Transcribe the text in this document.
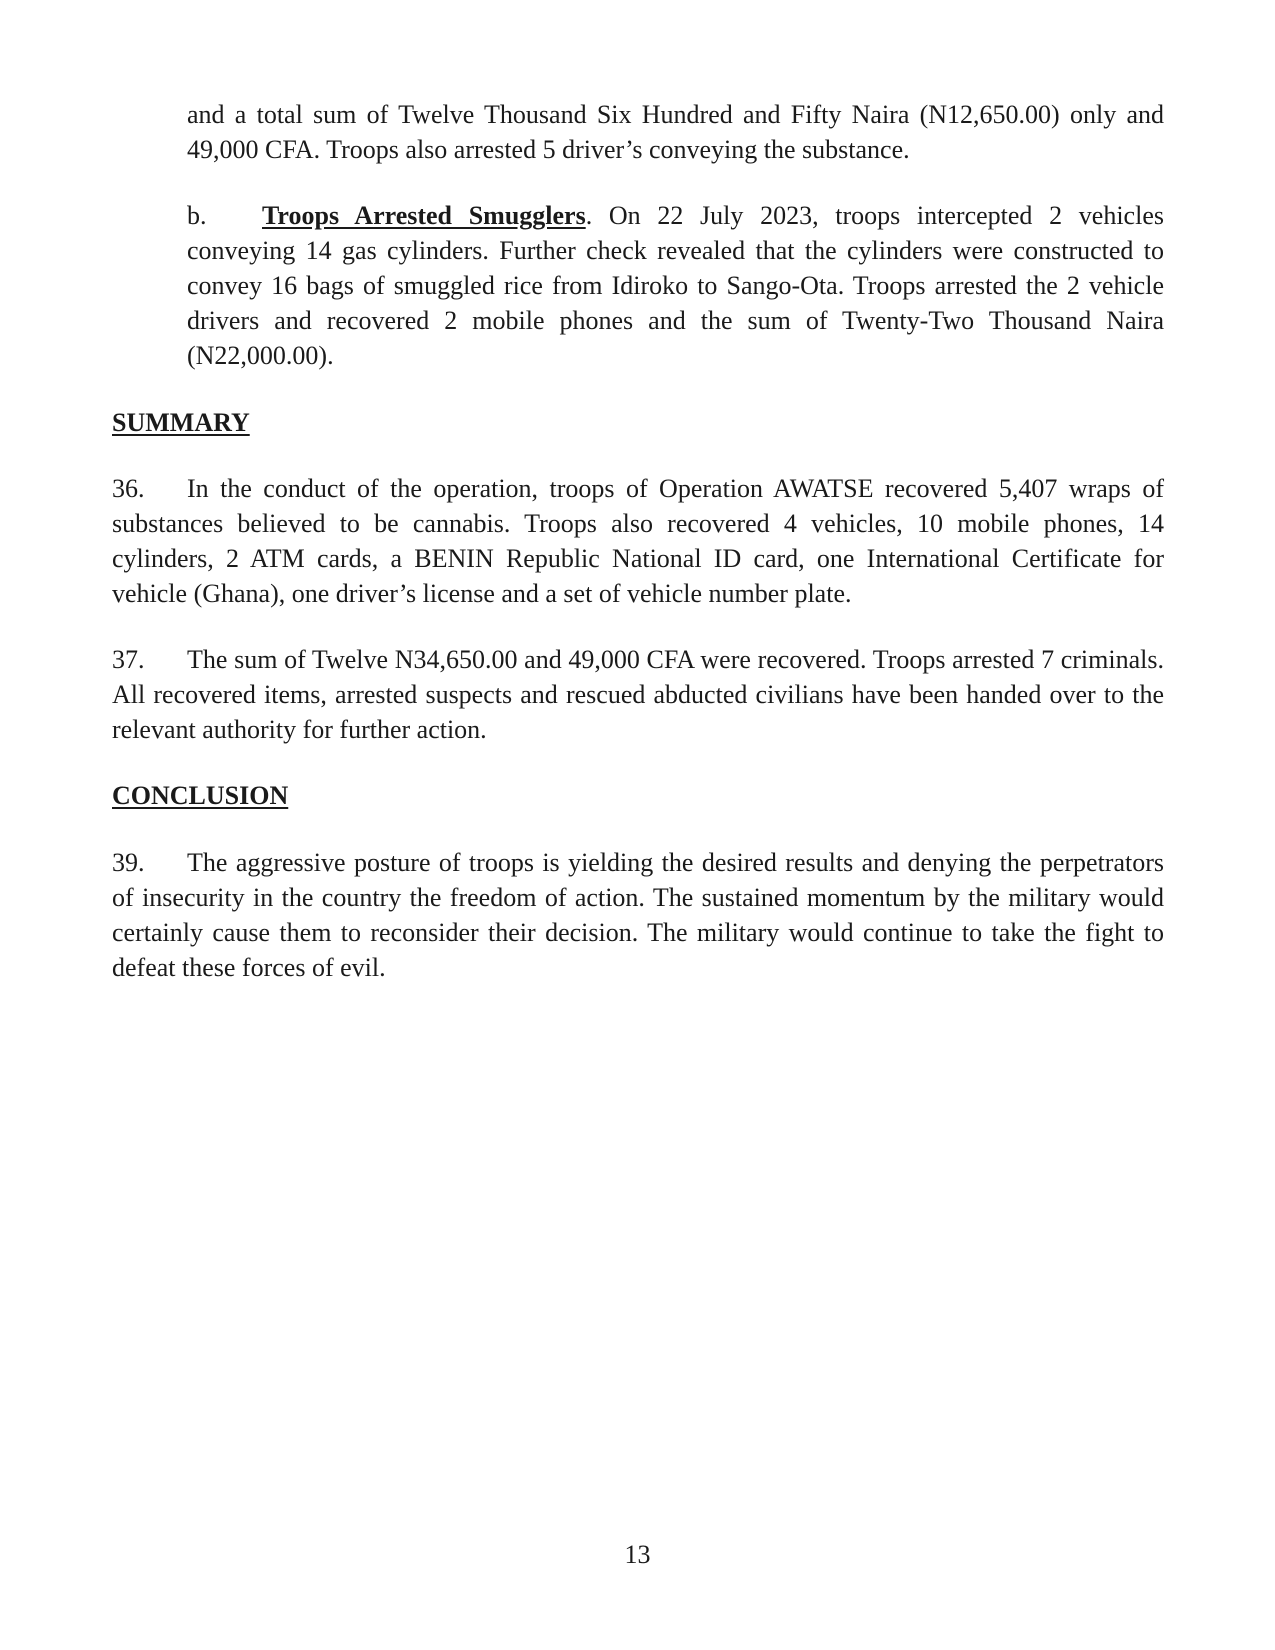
and a total sum of Twelve Thousand Six Hundred and Fifty Naira (N12,650.00) only and 49,000 CFA. Troops also arrested 5 driver’s conveying the substance.

b. Troops Arrested Smugglers. On 22 July 2023, troops intercepted 2 vehicles conveying 14 gas cylinders. Further check revealed that the cylinders were constructed to convey 16 bags of smuggled rice from Idiroko to Sango-Ota. Troops arrested the 2 vehicle drivers and recovered 2 mobile phones and the sum of Twenty-Two Thousand Naira (N22,000.00).

SUMMARY

36. In the conduct of the operation, troops of Operation AWATSE recovered 5,407 wraps of substances believed to be cannabis. Troops also recovered 4 vehicles, 10 mobile phones, 14 cylinders, 2 ATM cards, a BENIN Republic National ID card, one International Certificate for vehicle (Ghana), one driver’s license and a set of vehicle number plate.

37. The sum of Twelve N34,650.00 and 49,000 CFA were recovered. Troops arrested 7 criminals. All recovered items, arrested suspects and rescued abducted civilians have been handed over to the relevant authority for further action.

CONCLUSION

39. The aggressive posture of troops is yielding the desired results and denying the perpetrators of insecurity in the country the freedom of action. The sustained momentum by the military would certainly cause them to reconsider their decision. The military would continue to take the fight to defeat these forces of evil.

13
